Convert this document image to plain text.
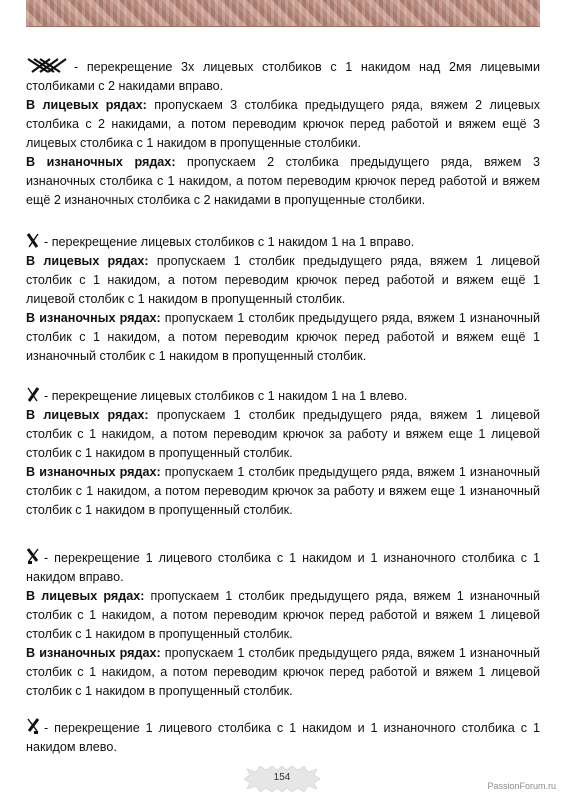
- перекрещение 3х лицевых столбиков с 1 накидом над 2мя лицевыми столбиками с 2 накидами вправо.

В лицевых рядах: пропускаем 3 столбика предыдущего ряда, вяжем 2 лицевых столбика с 2 накидами, а потом переводим крючок перед работой и вяжем ещё 3 лицевых столбика с 1 накидом в пропущенные столбики.

В изнаночных рядах: пропускаем 2 столбика предыдущего ряда, вяжем 3 изнаночных столбика с 1 накидом, а потом переводим крючок перед работой и вяжем ещё 2 изнаночных столбика с 2 накидами в пропущенные столбики.

- перекрещение лицевых столбиков с 1 накидом 1 на 1 вправо.

В лицевых рядах: пропускаем 1 столбик предыдущего ряда, вяжем 1 лицевой столбик с 1 накидом, а потом переводим крючок перед работой и вяжем ещё 1 лицевой столбик с 1 накидом в пропущенный столбик.

В изнаночных рядах: пропускаем 1 столбик предыдущего ряда, вяжем 1 изнаночный столбик с 1 накидом, а потом переводим крючок перед работой и вяжем ещё 1 изнаночный столбик с 1 накидом в пропущенный столбик.

- перекрещение лицевых столбиков с 1 накидом 1 на 1 влево.

В лицевых рядах: пропускаем 1 столбик предыдущего ряда, вяжем 1 лицевой столбик с 1 накидом, а потом переводим крючок за работу и вяжем еще 1 лицевой столбик с 1 накидом в пропущенный столбик.

В изнаночных рядах: пропускаем 1 столбик предыдущего ряда, вяжем 1 изнаночный столбик с 1 накидом, а потом переводим крючок за работу и вяжем еще 1 изнаночный столбик с 1 накидом в пропущенный столбик.

- перекрещение 1 лицевого столбика с 1 накидом и 1 изнаночного столбика с 1 накидом вправо.

В лицевых рядах: пропускаем 1 столбик предыдущего ряда, вяжем 1 изнаночный столбик с 1 накидом, а потом переводим крючок перед работой и вяжем 1 лицевой столбик с 1 накидом в пропущенный столбик.

В изнаночных рядах: пропускаем 1 столбик предыдущего ряда, вяжем 1 изнаночный столбик с 1 накидом, а потом переводим крючок перед работой и вяжем 1 лицевой столбик с 1 накидом в пропущенный столбик.

- перекрещение 1 лицевого столбика с 1 накидом и 1 изнаночного столбика с 1 накидом влево.

154
PassionForum.ru
